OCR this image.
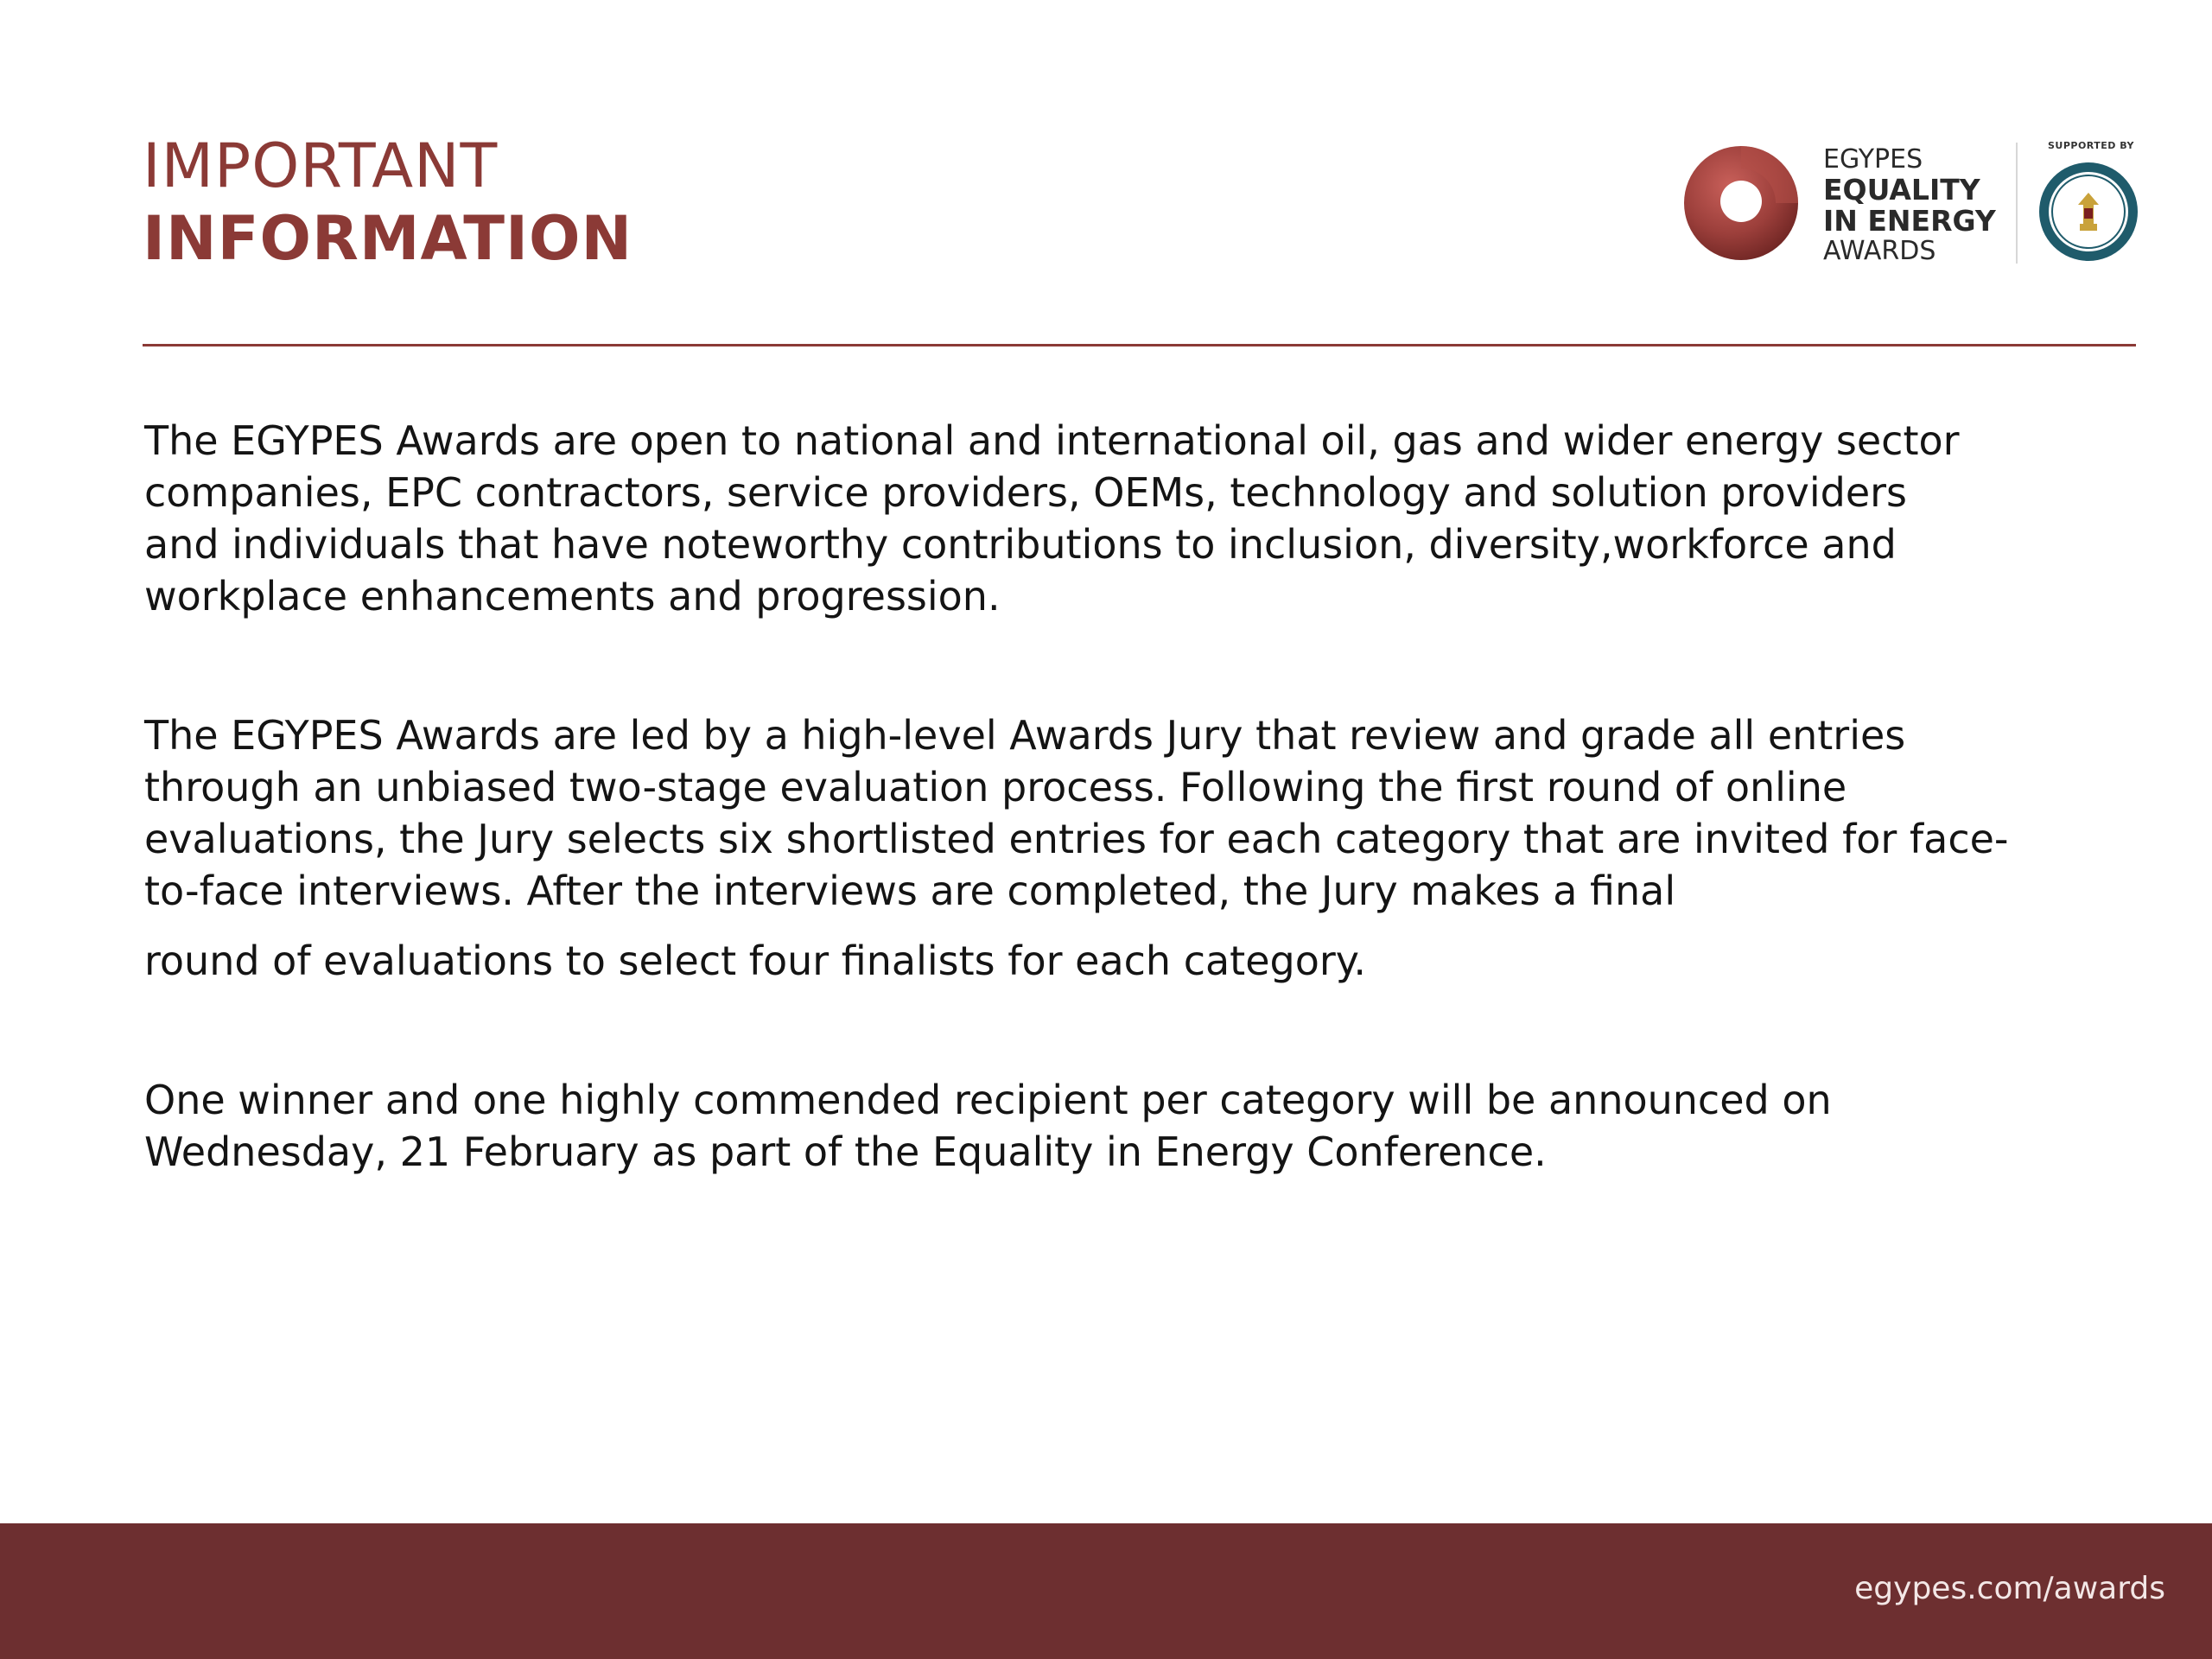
IMPORTANT
INFORMATION
EGYPES
EQUALITY
IN ENERGY
AWARDS
SUPPORTED BY
The EGYPES Awards are open to national and international oil, gas and wider energy sector
companies, EPC contractors, service providers, OEMs, technology and solution providers
and individuals that have noteworthy contributions to inclusion, diversity,workforce and
workplace enhancements and progression.
The EGYPES Awards are led by a high-level Awards Jury that review and grade all entries
through an unbiased two-stage evaluation process. Following the first round of online
evaluations, the Jury selects six shortlisted entries for each category that are invited for face-
to-face interviews. After the interviews are completed, the Jury makes a final
round of evaluations to select four finalists for each category.
One winner and one highly commended recipient per category will be announced on
Wednesday, 21 February as part of the Equality in Energy Conference.
egypes.com/awards
